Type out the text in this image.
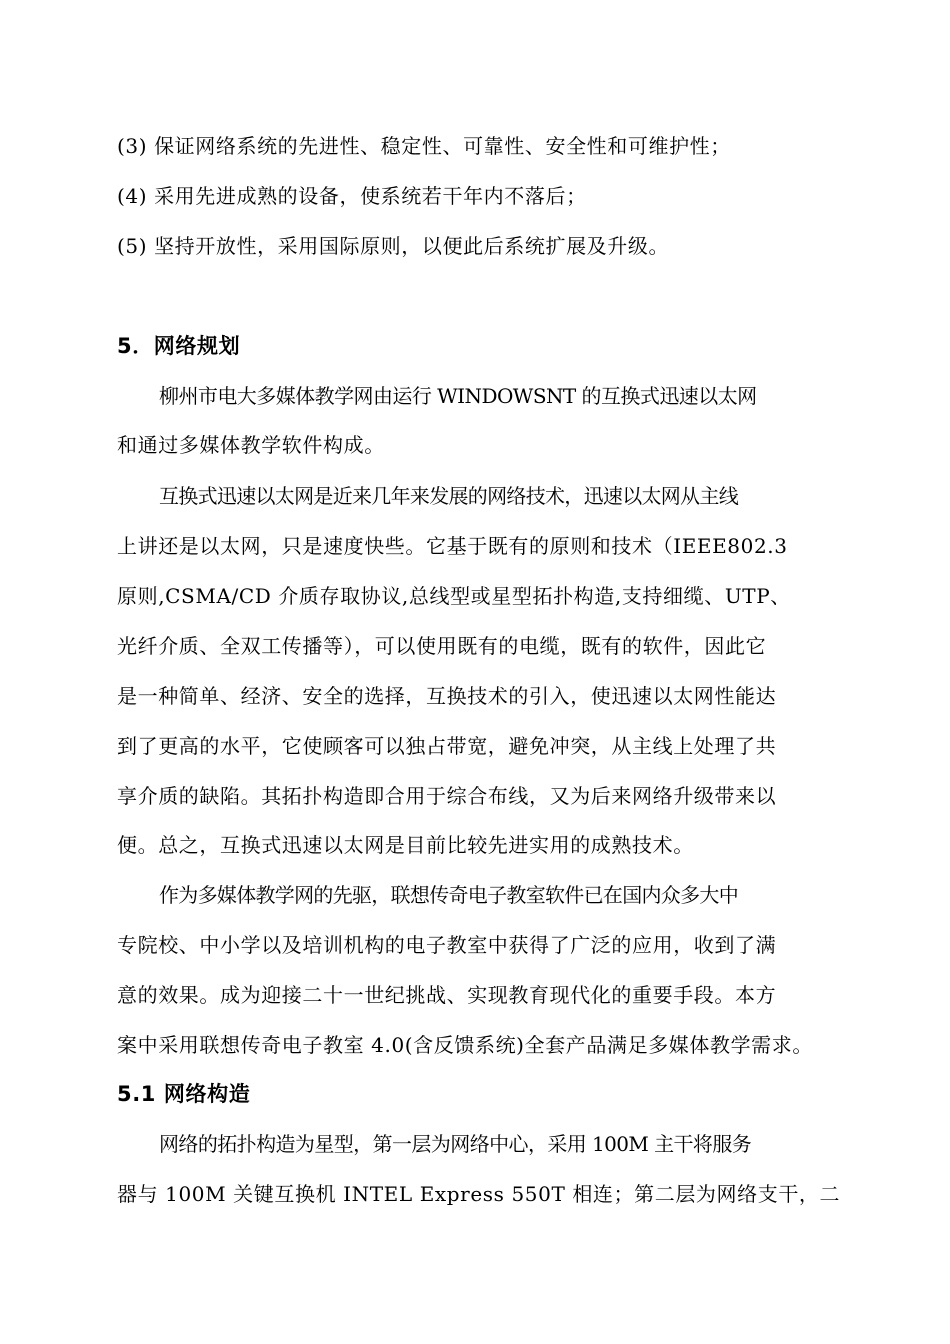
(3) 保证网络系统的先进性、稳定性、可靠性、安全性和可维护性；
(4) 采用先进成熟的设备，使系统若干年内不落后；
(5) 坚持开放性，采用国际原则，以便此后系统扩展及升级。
5．网络规划
柳州市电大多媒体教学网由运行 WINDOWSNT 的互换式迅速以太网
和通过多媒体教学软件构成。
互换式迅速以太网是近来几年来发展的网络技术，迅速以太网从主线
上讲还是以太网，只是速度快些。它基于既有的原则和技术（IEEE802.3
原则,CSMA/CD 介质存取协议,总线型或星型拓扑构造,支持细缆、UTP、
光纤介质、全双工传播等），可以使用既有的电缆，既有的软件，因此它
是一种简单、经济、安全的选择，互换技术的引入，使迅速以太网性能达
到了更高的水平，它使顾客可以独占带宽，避免冲突，从主线上处理了共
享介质的缺陷。其拓扑构造即合用于综合布线，又为后来网络升级带来以
便。总之，互换式迅速以太网是目前比较先进实用的成熟技术。
作为多媒体教学网的先驱，联想传奇电子教室软件已在国内众多大中
专院校、中小学以及培训机构的电子教室中获得了广泛的应用，收到了满
意的效果。成为迎接二十一世纪挑战、实现教育现代化的重要手段。本方
案中采用联想传奇电子教室 4.0(含反馈系统)全套产品满足多媒体教学需求。
5.1 网络构造
网络的拓扑构造为星型，第一层为网络中心，采用 100M 主干将服务
器与 100M 关键互换机 INTEL Express 550T 相连；第二层为网络支干，二
